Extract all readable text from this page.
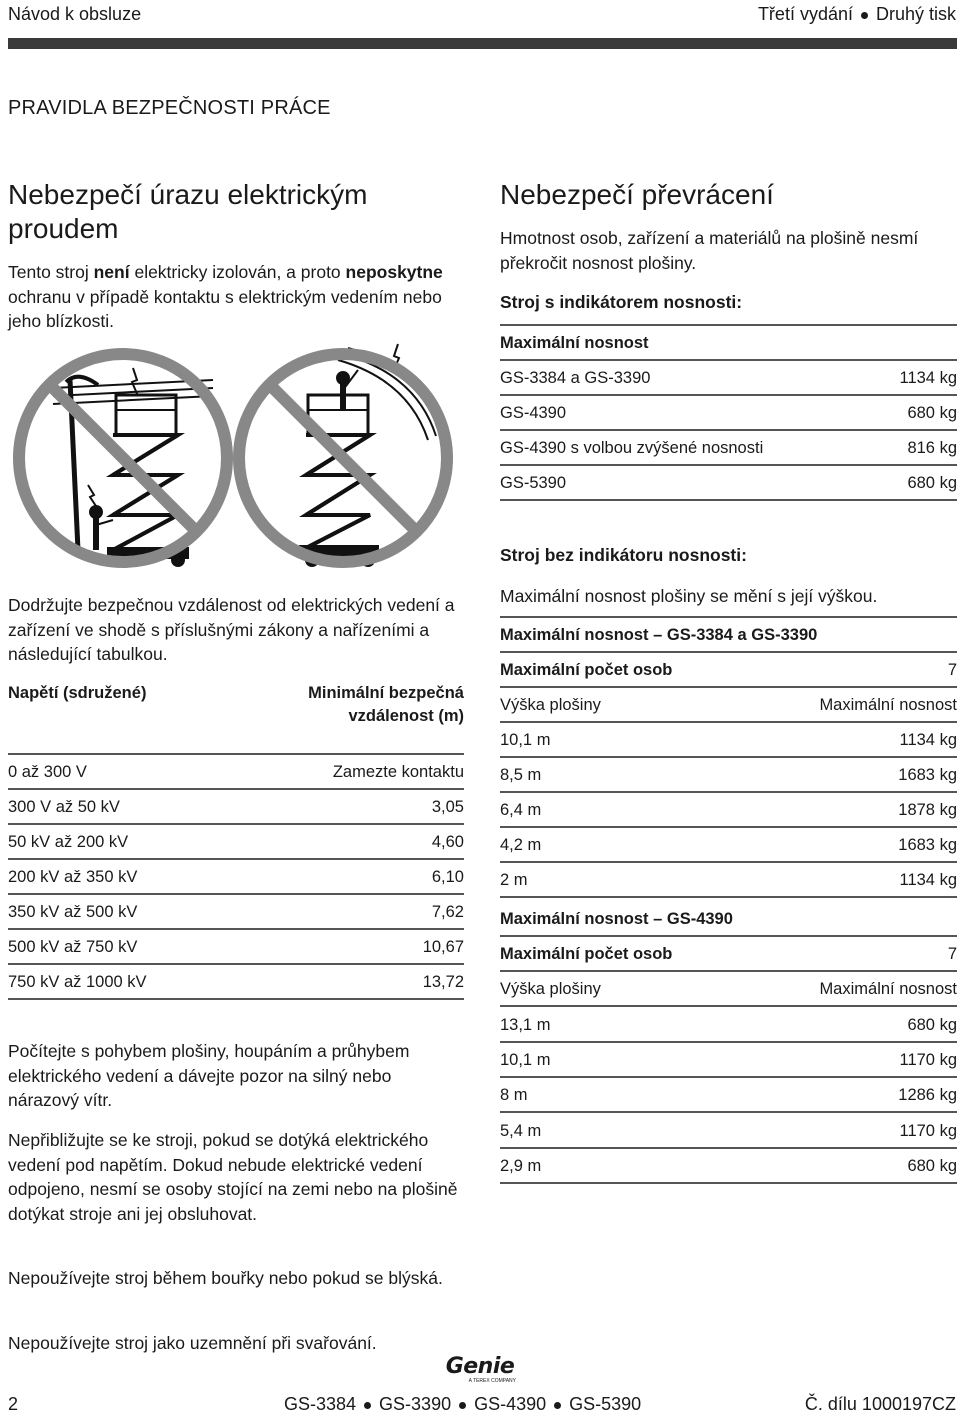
Návod k obsluze	Třetí vydání Druhý tisk
PRAVIDLA BEZPEČNOSTI PRÁCE
Nebezpečí úrazu elektrickým proudem

Tento stroj není elektricky izolován, a proto neposkytne ochranu v případě kontaktu s elektrickým vedením nebo jeho blízkosti.

Dodržujte bezpečnou vzdálenost od elektrických vedení a zařízení ve shodě s příslušnými zákony a nařízeními a následující tabulkou.

Napětí (sdružené)	Minimální bezpečná vzdálenost (m)
0 až 300 V	Zamezte kontaktu
300 V až 50 kV	3,05
50 kV až 200 kV	4,60
200 kV až 350 kV	6,10
350 kV až 500 kV	7,62
500 kV až 750 kV	10,67
750 kV až 1000 kV	13,72

Počítejte s pohybem plošiny, houpáním a průhybem elektrického vedení a dávejte pozor na silný nebo nárazový vítr.

Nepřibližujte se ke stroji, pokud se dotýká elektrického vedení pod napětím. Dokud nebude elektrické vedení odpojeno, nesmí se osoby stojící na zemi nebo na plošině dotýkat stroje ani jej obsluhovat.

Nepoužívejte stroj během bouřky nebo pokud se blýská.

Nepoužívejte stroj jako uzemnění při svařování.

Nebezpečí převrácení

Hmotnost osob, zařízení a materiálů na plošině nesmí překročit nosnost plošiny.

Stroj s indikátorem nosnosti:
Maximální nosnost
GS-3384 a GS-3390	1134 kg
GS-4390	680 kg
GS-4390 s volbou zvýšené nosnosti	816 kg
GS-5390	680 kg
Stroj bez indikátoru nosnosti:
Maximální nosnost plošiny se mění s její výškou.
Maximální nosnost – GS-3384 a GS-3390
Maximální počet osob	7
Výška plošiny	Maximální nosnost
10,1 m	1134 kg
8,5 m	1683 kg
6,4 m	1878 kg
4,2 m	1683 kg
2 m	1134 kg
Maximální nosnost – GS-4390
Maximální počet osob	7
Výška plošiny	Maximální nosnost
13,1 m	680 kg
10,1 m	1170 kg
8 m	1286 kg
5,4 m	1170 kg
2,9 m	680 kg
Genie
A TEREX COMPANY
2	GS-3384 GS-3390 GS-4390 GS-5390	Č. dílu 1000197CZ
